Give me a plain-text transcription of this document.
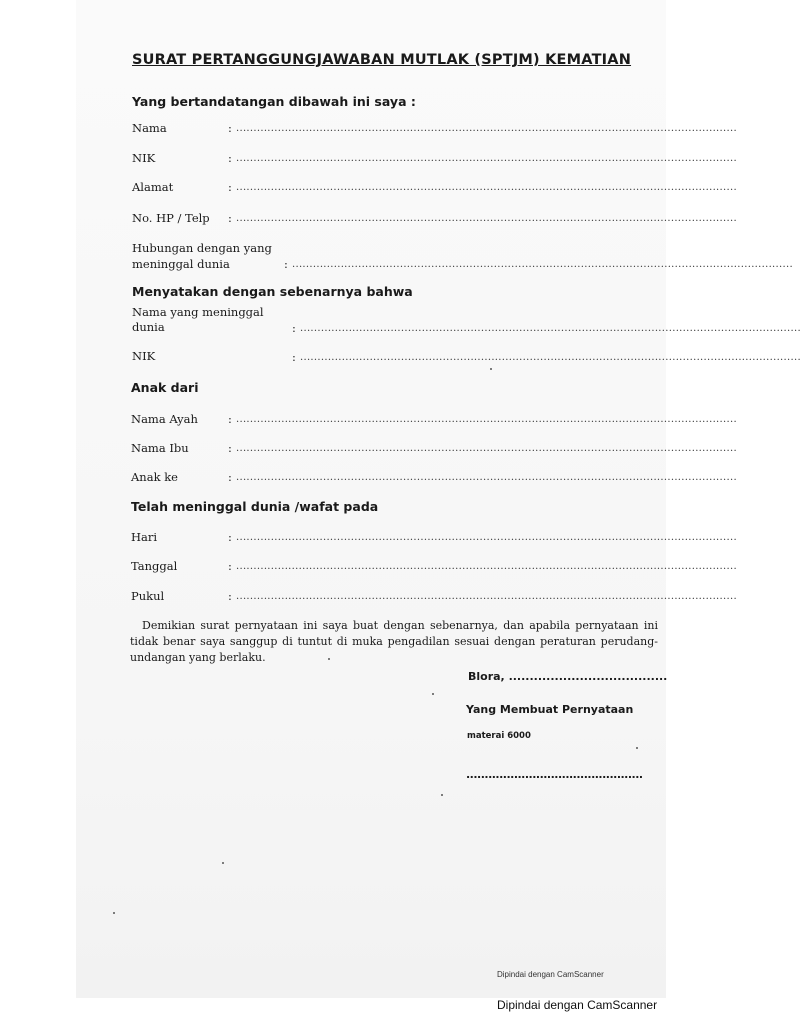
SURAT PERTANGGUNGJAWABAN MUTLAK (SPTJM) KEMATIAN
Yang bertandatangan dibawah ini saya :
Nama	: ................................................................................................................................................
NIK	: ................................................................................................................................................
Alamat	: ................................................................................................................................................
No. HP / Telp : ................................................................................................................................................
Hubungan dengan yang
meninggal dunia	: ................................................................................................................................................
Menyatakan dengan sebenarnya bahwa
Nama yang meninggal
dunia	: ................................................................................................................................................
NIK	: ................................................................................................................................................
Anak dari
Nama Ayah	: ................................................................................................................................................
Nama Ibu	: ................................................................................................................................................
Anak ke	: ................................................................................................................................................
Telah meninggal dunia /wafat pada
Hari	: ................................................................................................................................................
Tanggal	: ................................................................................................................................................
Pukul	: ................................................................................................................................................
Demikian surat pernyataan ini saya buat dengan sebenarnya, dan apabila pernyataan ini tidak benar saya sanggup di tuntut di muka pengadilan sesuai dengan peraturan perudang-undangan yang berlaku.
Blora, ......................................
Yang Membuat Pernyataan
materai 6000
................................................
Dipindai dengan CamScanner
Dipindai dengan CamScanner
